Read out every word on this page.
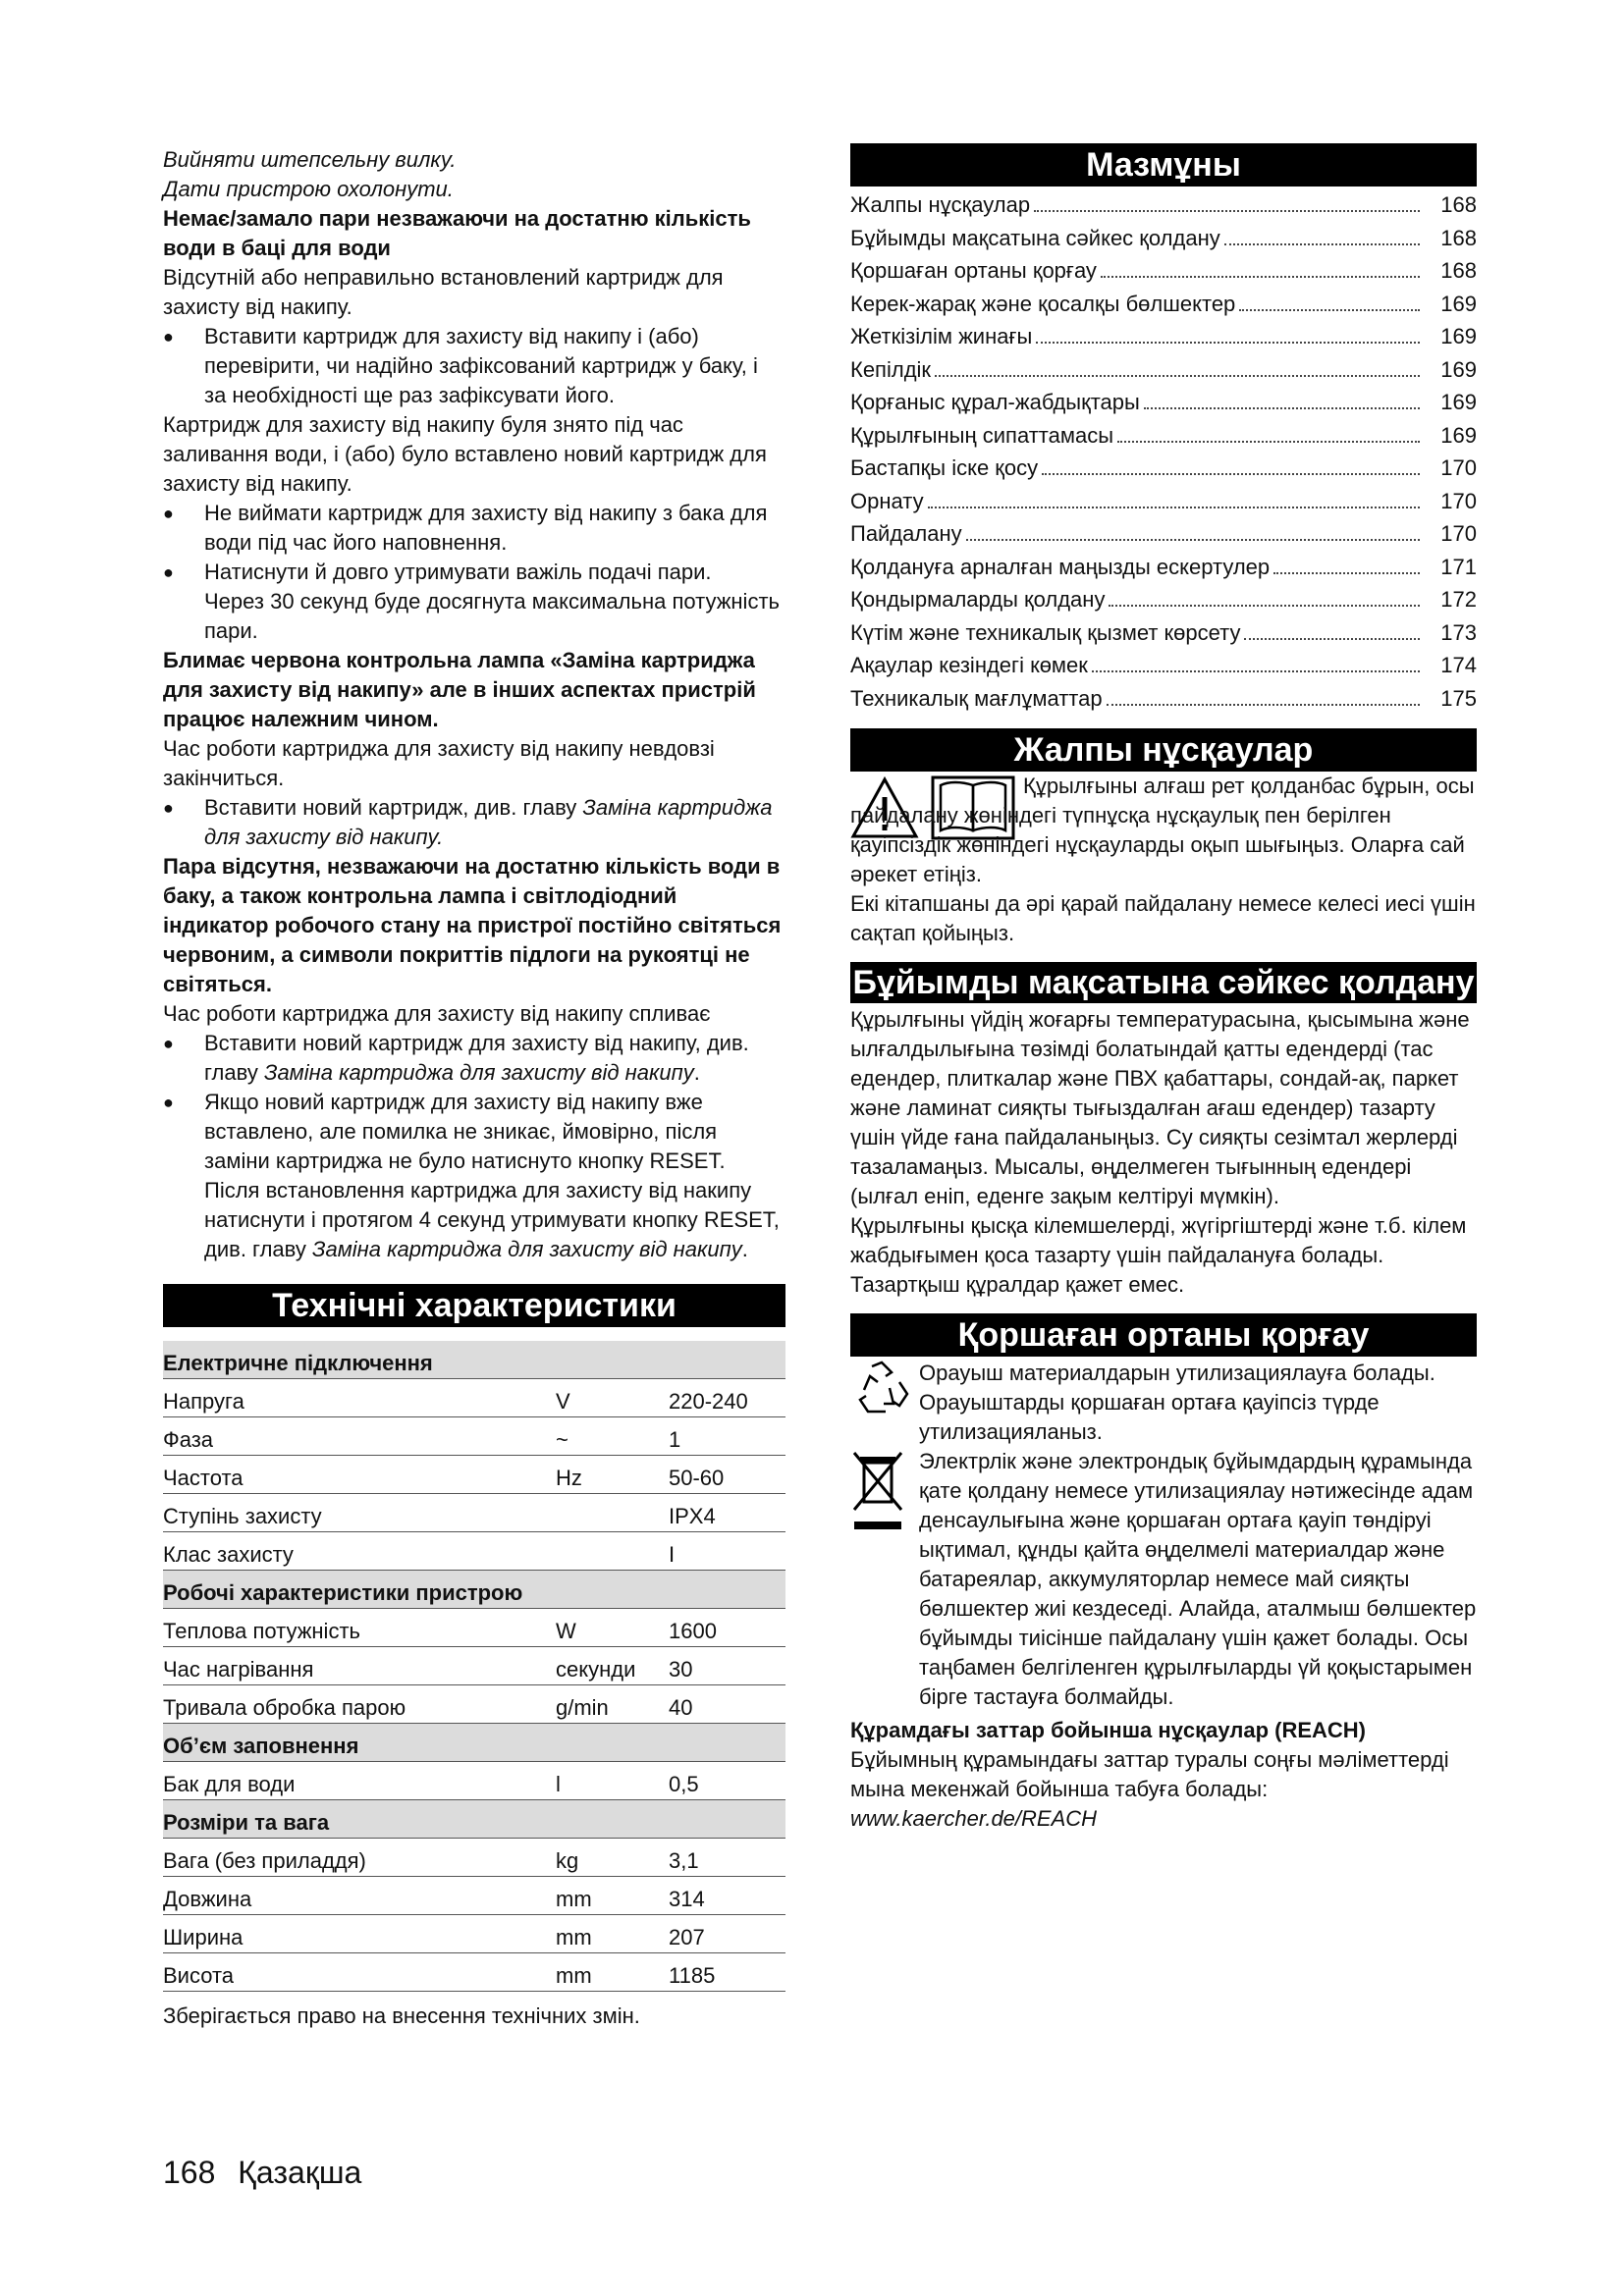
Вийняти штепсельну вилку.

Дати пристрою охолонути.

Немає/замало пари незважаючи на достатню кількість води в баці для води

Відсутній або неправильно встановлений картридж для захисту від накипу.

● Вставити картридж для захисту від накипу і (або) перевірити, чи надійно зафіксований картридж у баку, і за необхідності ще раз зафіксувати його.

Картридж для захисту від накипу буля знято під час заливання води, і (або) було вставлено новий картридж для захисту від накипу.

● Не виймати картридж для захисту від накипу з бака для води під час його наповнення.

● Натиснути й довго утримувати важіль подачі пари.

Через 30 секунд буде досягнута максимальна потужність пари.

Блимає червона контрольна лампа «Заміна картриджа для захисту від накипу» але в інших аспектах пристрій працює належним чином.

Час роботи картриджа для захисту від накипу невдовзі закінчиться.

● Вставити новий картридж, див. главу Заміна картриджа для захисту від накипу.

Пара відсутня, незважаючи на достатню кількість води в баку, а також контрольна лампа і світлодіодний індикатор робочого стану на пристрої постійно світяться червоним, а символи покриттів підлоги на рукоятці не світяться.

Час роботи картриджа для захисту від накипу спливає

● Вставити новий картридж для захисту від накипу, див. главу Заміна картриджа для захисту від накипу.

● Якщо новий картридж для захисту від накипу вже вставлено, але помилка не зникає, ймовірно, після заміни картриджа не було натиснуто кнопку RESET. Після встановлення картриджа для захисту від накипу натиснути і протягом 4 секунд утримувати кнопку RESET, див. главу Заміна картриджа для захисту від накипу.

Технічні характеристики
Електричне підключення		
Напруга	V	220-240
Фаза	~	1
Частота	Hz	50-60
Ступінь захисту		IPX4
Клас захисту		I
Робочі характеристики пристрою		
Теплова потужність	W	1600
Час нагрівання	секунди	30
Тривала обробка парою	g/min	40
Об’єм заповнення		
Бак для води	l	0,5
Розміри та вага		
Вага (без приладдя)	kg	3,1
Довжина	mm	314
Ширина	mm	207
Висота	mm	1185

Зберігається право на внесення технічних змін.

Мазмұны
Жалпы нұсқаулар	168
Бұйымды мақсатына сәйкес қолдану	168
Қоршаған ортаны қорғау	168
Керек-жарақ және қосалқы бөлшектер	169
Жеткізілім жинағы	169
Кепілдік	169
Қорғаныс құрал-жабдықтары	169
Құрылғының сипаттамасы	169
Бастапқы іске қосу	170
Орнату	170
Пайдалану	170
Қолдануға арналған маңызды ескертулер	171
Қондырмаларды қолдану	172
Күтім және техникалық қызмет көрсету	173
Ақаулар кезіндегі көмек	174
Техникалық мағлұматтар	175
Жалпы нұсқаулар

Құрылғыны алғаш рет қолданбас бұрын, осы пайдалану жөніндегі түпнұсқа нұсқаулық пен берілген қауіпсіздік жөніндегі нұсқауларды оқып шығыңыз. Оларға сай әрекет етіңіз.

Екі кітапшаны да әрі қарай пайдалану немесе келесі иесі үшін сақтап қойыңыз.

Бұйымды мақсатына сәйкес қолдану

Құрылғыны үйдің жоғарғы температурасына, қысымына және ылғалдылығына төзімді болатындай қатты едендерді (тас едендер, плиткалар және ПВХ қабаттары, сондай-ақ, паркет және ламинат сияқты тығыздалған ағаш едендер) тазарту үшін үйде ғана пайдаланыңыз. Су сияқты сезімтал жерлерді тазаламаңыз. Мысалы, өңделмеген тығынның едендері (ылғал еніп, еденге зақым келтіруі мүмкін).

Құрылғыны қысқа кілемшелерді, жүгіргіштерді және т.б. кілем жабдығымен қоса тазарту үшін пайдалануға болады.

Тазартқыш құралдар қажет емес.

Қоршаған ортаны қорғау

Орауыш материалдарын утилизациялауға болады. Орауыштарды қоршаған ортаға қауіпсіз түрде утилизацияланыз.

Электрлік және электрондық бұйымдардың құрамында қате қолдану немесе утилизациялау нәтижесінде адам денсаулығына және қоршаған ортаға қауіп төндіруі ықтимал, құнды қайта өңделмелі материалдар және батареялар, аккумуляторлар немесе май сияқты бөлшектер жиі кездеседі. Алайда, аталмыш бөлшектер бұйымды тиісінше пайдалану үшін қажет болады. Осы таңбамен белгіленген құрылғыларды үй қоқыстарымен бірге тастауға болмайды.

Құрамдағы заттар бойынша нұсқаулар (REACH)

Бұйымның құрамындағы заттар туралы соңғы мәліметтерді мына мекенжай бойынша табуға болады: www.kaercher.de/REACH

168 Қазақша
